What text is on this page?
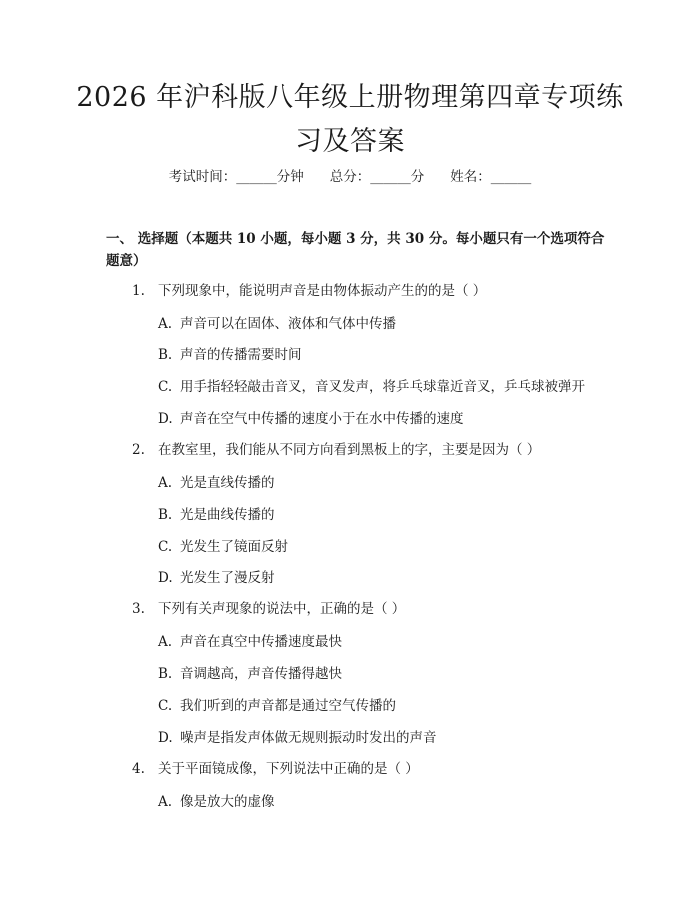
2026 年沪科版八年级上册物理第四章专项练
习及答案
考试时间：______分钟 总分：______分 姓名：______
一、 选择题（本题共 10 小题，每小题 3 分，共 30 分。每小题只有一个选项符合题意）
1. 下列现象中，能说明声音是由物体振动产生的的是（ ）
A. 声音可以在固体、液体和气体中传播
B. 声音的传播需要时间
C. 用手指轻轻敲击音叉，音叉发声，将乒乓球靠近音叉，乒乓球被弹开
D. 声音在空气中传播的速度小于在水中传播的速度
2. 在教室里，我们能从不同方向看到黑板上的字，主要是因为（ ）
A. 光是直线传播的
B. 光是曲线传播的
C. 光发生了镜面反射
D. 光发生了漫反射
3. 下列有关声现象的说法中，正确的是（ ）
A. 声音在真空中传播速度最快
B. 音调越高，声音传播得越快
C. 我们听到的声音都是通过空气传播的
D. 噪声是指发声体做无规则振动时发出的声音
4. 关于平面镜成像，下列说法中正确的是（ ）
A. 像是放大的虚像
